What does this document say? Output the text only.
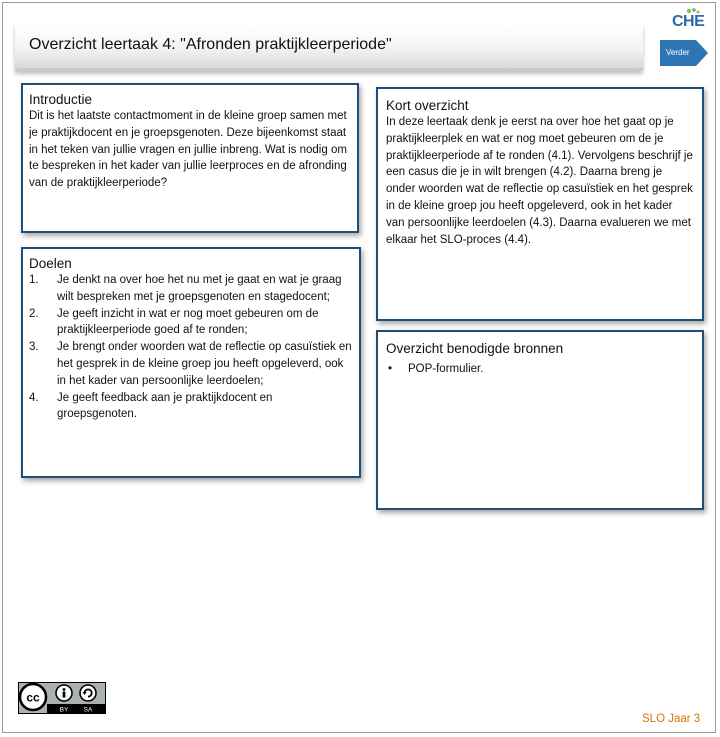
Overzicht leertaak 4: "Afronden praktijkleerperiode"
CHE
Verder
Introductie
Dit is het laatste contactmoment in de kleine groep samen met je praktijkdocent en je groepsgenoten. Deze bijeenkomst staat in het teken van jullie vragen en jullie inbreng. Wat is nodig om te bespreken in het kader van jullie leerproces en de afronding van de praktijkleerperiode?
Doelen
1. Je denkt na over hoe het nu met je gaat en wat je graag wilt bespreken met je groepsgenoten en stagedocent;
2. Je geeft inzicht in wat er nog moet gebeuren om de praktijkleerperiode goed af te ronden;
3. Je brengt onder woorden wat de reflectie op casuïstiek en het gesprek in de kleine groep jou heeft opgeleverd, ook in het kader van persoonlijke leerdoelen;
4. Je geeft feedback aan je praktijkdocent en groepsgenoten.
Kort overzicht
In deze leertaak denk je eerst na over hoe het gaat op je praktijkleerplek en wat er nog moet gebeuren om de je praktijkleerperiode af te ronden (4.1). Vervolgens beschrijf je een casus die je in wilt brengen (4.2). Daarna breng je onder woorden wat de reflectie op casuïstiek en het gesprek in de kleine groep jou heeft opgeleverd, ook in het kader van persoonlijke leerdoelen (4.3). Daarna evalueren we met elkaar het SLO-proces (4.4).
Overzicht benodigde bronnen
• POP-formulier.
cc
BY SA
SLO Jaar 3
